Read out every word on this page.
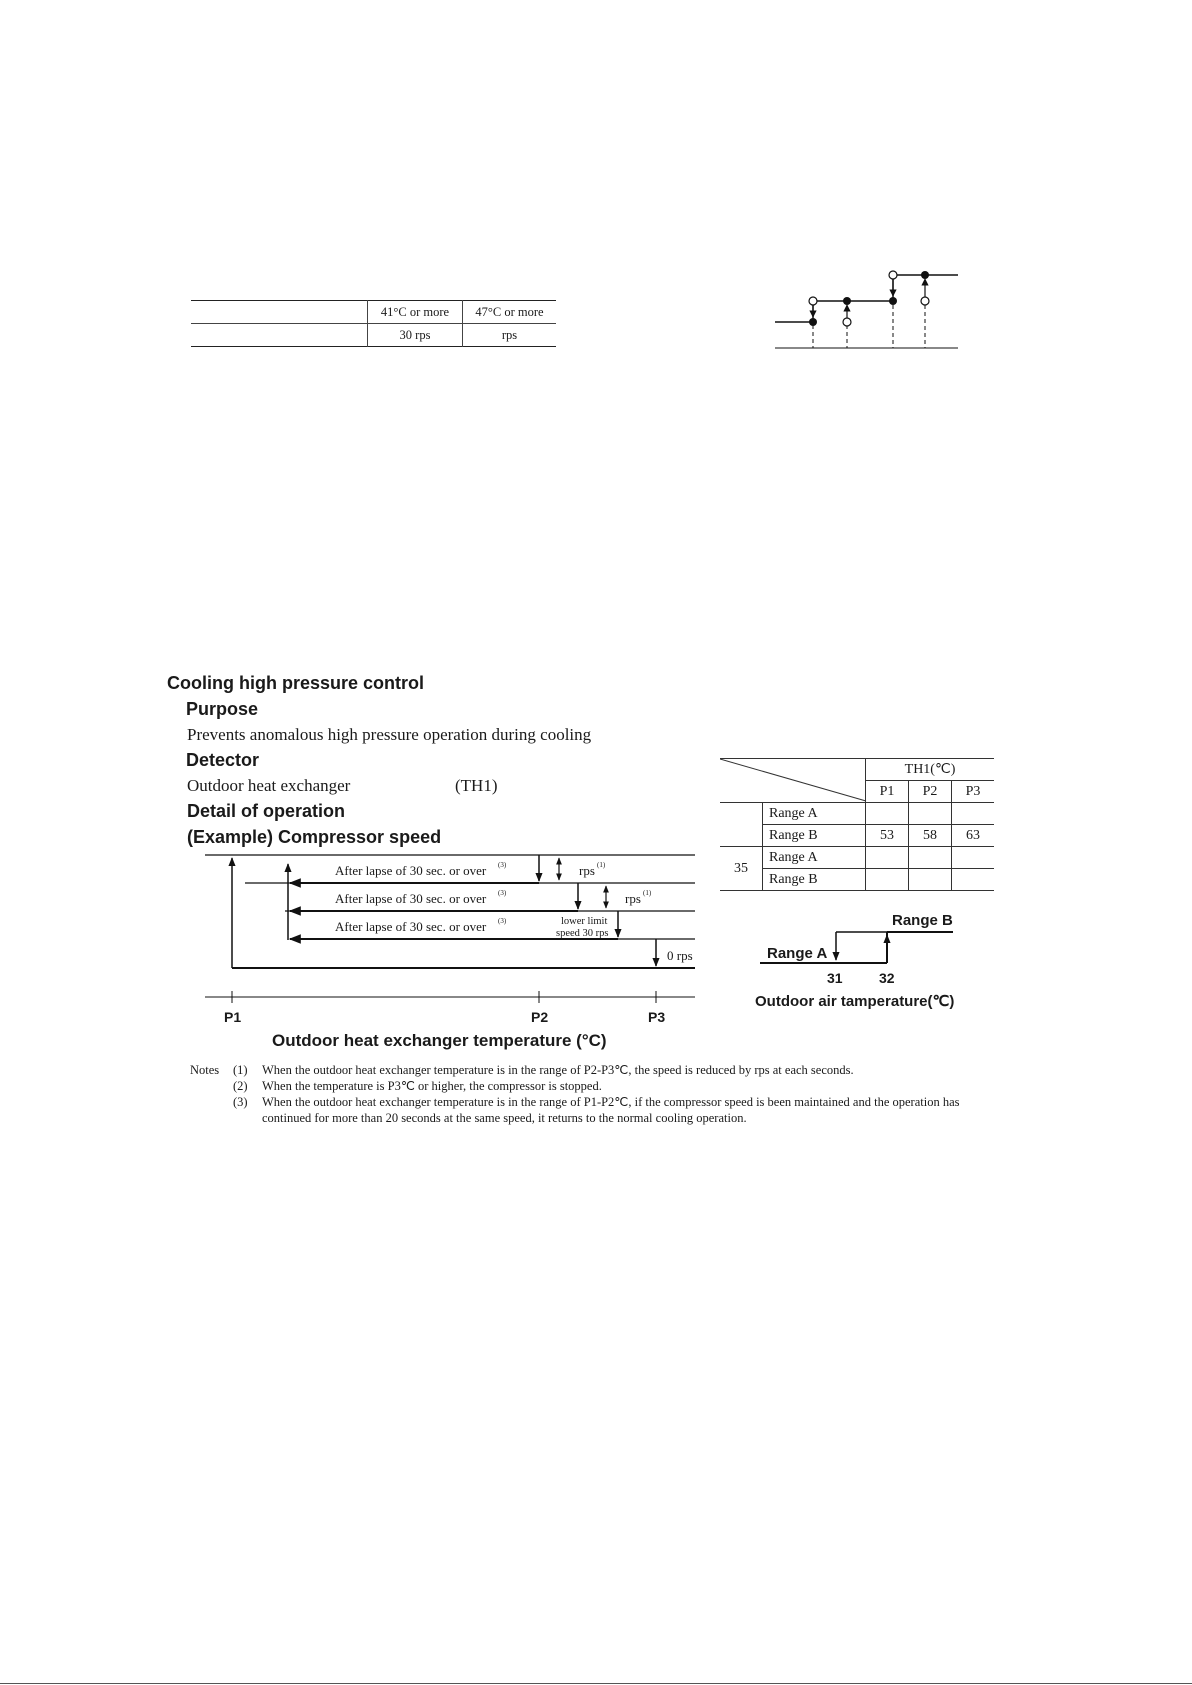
	41°C or more	47°C or more
	30 rps	rps
Cooling high pressure control
Purpose
Prevents anomalous high pressure operation during cooling
Detector
Outdoor heat exchanger	(TH1)
Detail of operation
(Example) Compressor speed
After lapse of 30 sec. or over (3)
After lapse of 30 sec. or over (3)
After lapse of 30 sec. or over (3)
rps (1)
rps (1)
lower limit
speed 30 rps
0 rps
P1	P2	P3
Outdoor heat exchanger temperature (°C)
		TH1(℃)		
		P1	P2	P3
	Range A			
	Range B	53	58	63
35	Range A			
	Range B			
Range A
Range B
31	32
Outdoor air tamperature(℃)
Notes (1) When the outdoor heat exchanger temperature is in the range of P2-P3℃, the speed is reduced by rps at each seconds.
(2) When the temperature is P3℃ or higher, the compressor is stopped.
(3) When the outdoor heat exchanger temperature is in the range of P1-P2℃, if the compressor speed is been maintained and the operation has
continued for more than 20 seconds at the same speed, it returns to the normal cooling operation.
